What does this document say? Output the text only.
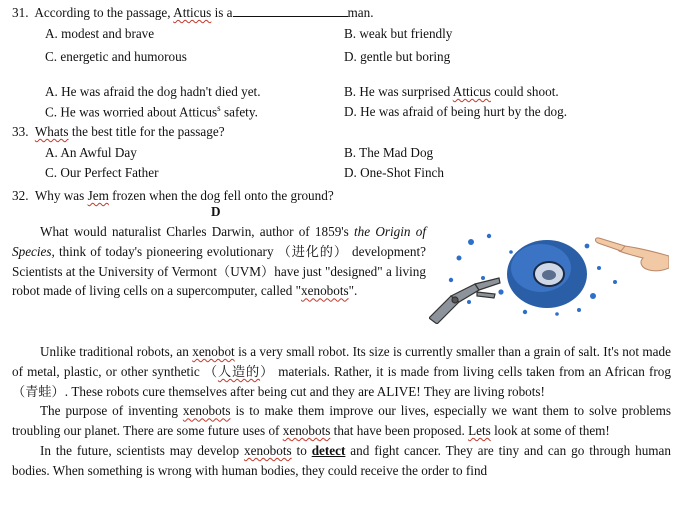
31. According to the passage, Atticus is a	man.
A. modest and brave	B. weak but friendly
C. energetic and humorous	D. gentle but boring
A. He was afraid the dog hadn't died yet.	B. He was surprised Atticus could shoot.
C. He was worried about Atticus$^s$ safety.	D. He was afraid of being hurt by the dog.
33. Whats the best title for the passage?
A. An Awful Day	B. The Mad Dog
C. Our Perfect Father	D. One-Shot Finch
32. Why was Jem frozen when the dog fell onto the ground?
D

What would naturalist Charles Darwin, author of 1859's the Origin of Species, think of today's pioneering evolutionary （进化的） development? Scientists at the University of Vermont（UVM）have just "designed" a living robot made of living cells on a supercomputer, called "xenobots".

Unlike traditional robots, an xenobot is a very small robot. Its size is currently smaller than a grain of salt. It's not made of metal, plastic, or other synthetic （人造的） materials. Rather, it is made from living cells taken from an African frog（青蛙）. These robots cure themselves after being cut and they are ALIVE! They are living robots!

The purpose of inventing xenobots is to make them improve our lives, especially we want them to solve problems troubling our planet. There are some future uses of xenobots that have been proposed. Lets look at some of them!

In the future, scientists may develop xenobots to detect and fight cancer. They are tiny and can go through human bodies. When something is wrong with human bodies, they could receive the order to find
